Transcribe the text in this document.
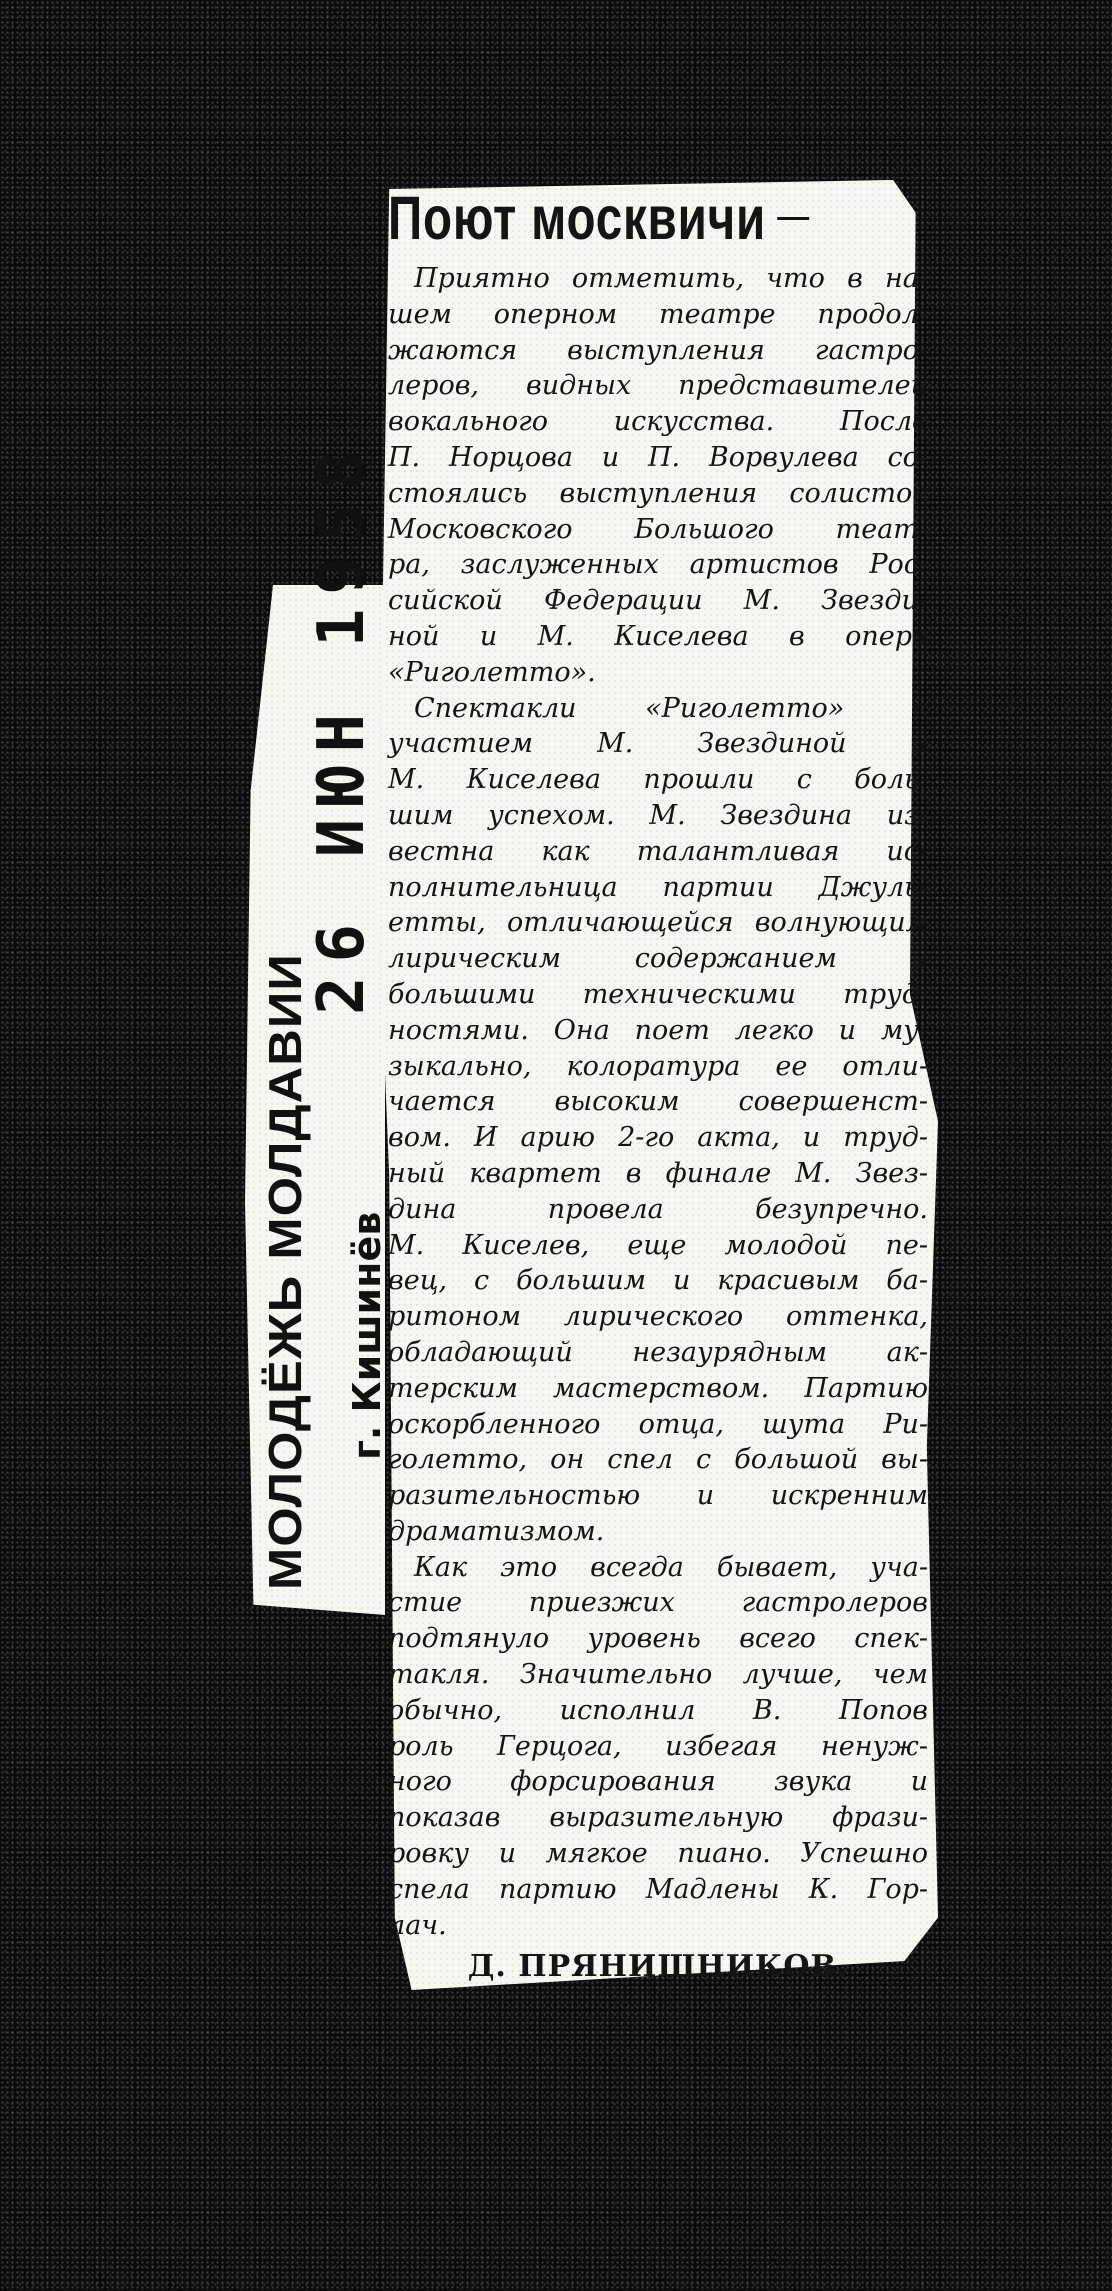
26 ИЮН 1958
МОЛОДЁЖЬ МОЛДАВИИ г. Кишинёв
Поют москвичи

Приятно отметить, что в на-
шем оперном театре продол-
жаются выступления гастро-
леров, видных представителей
вокального искусства. После
П. Норцова и П. Ворвулева со-
стоялись выступления солистов
Московского Большого теат-
ра, заслуженных артистов Рос-
сийской Федерации М. Звезди-
ной и М. Киселева в опере
«Риголетто».

Спектакли «Риголетто» с
участием М. Звездиной и
М. Киселева прошли с боль-
шим успехом. М. Звездина из-
вестна как талантливая ис-
полнительница партии Джуль-
етты, отличающейся волнующим
лирическим содержанием и
большими техническими труд-
ностями. Она поет легко и му-
зыкально, колоратура ее отли-
чается высоким совершенст-
вом. И арию 2-го акта, и труд-
ный квартет в финале М. Звез-
дина провела безупречно.
М. Киселев, еще молодой пе-
вец, с большим и красивым ба-
ритоном лирического оттенка,
обладающий незаурядным ак-
терским мастерством. Партию
оскорбленного отца, шута Ри-
голетто, он спел с большой вы-
разительностью и искренним
драматизмом.

Как это всегда бывает, уча-
стие приезжих гастролеров
подтянуло уровень всего спек-
такля. Значительно лучше, чем
обычно, исполнил В. Попов
роль Герцога, избегая ненуж-
ного форсирования звука и
показав выразительную фрази-
ровку и мягкое пиано. Успешно
спела партию Мадлены К. Гор-
лач.

Д. ПРЯНИШНИКОВ.
